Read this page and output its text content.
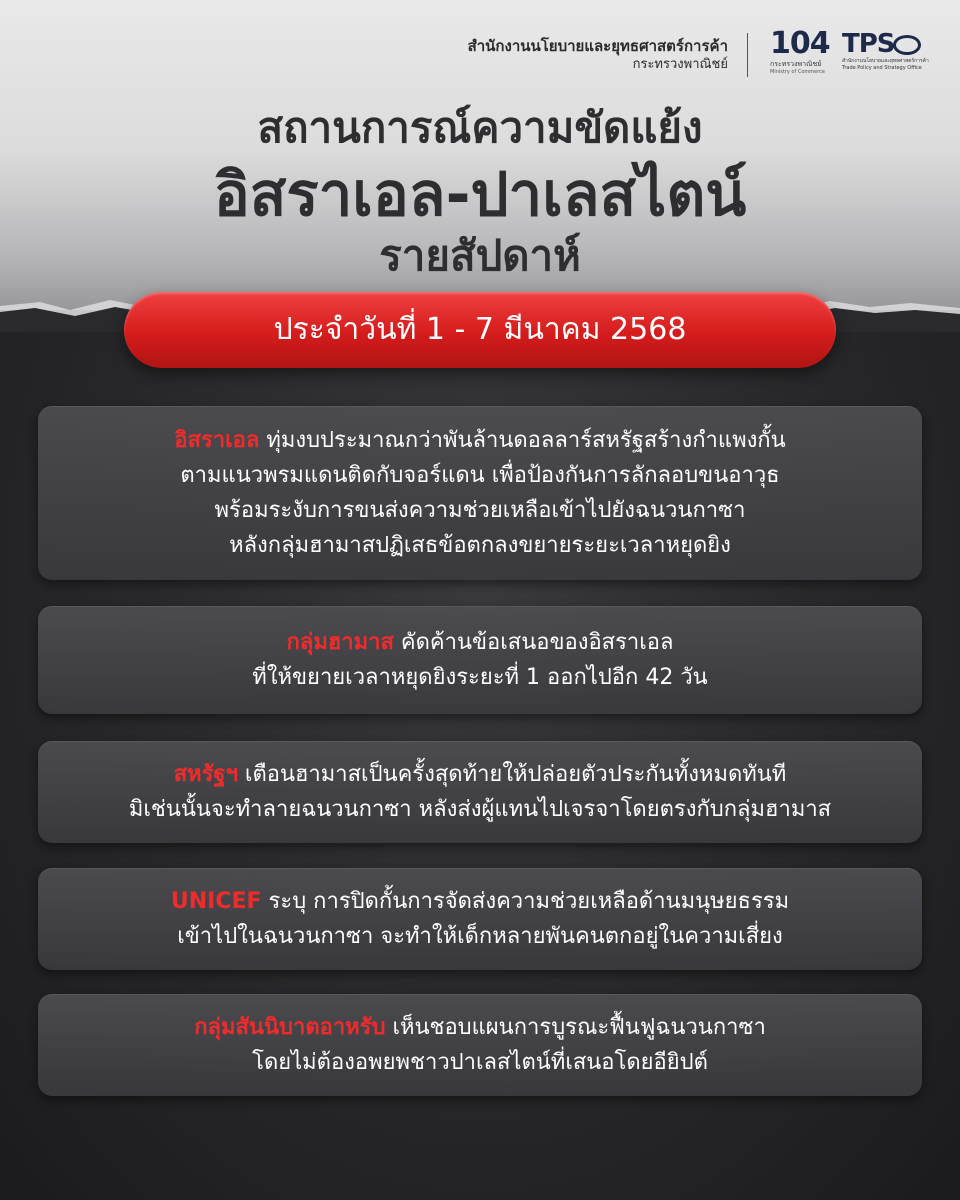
สำนักงานนโยบายและยุทธศาสตร์การค้า
กระทรวงพาณิชย์
104
กระทรวงพาณิชย์
Ministry of Commerce
TPS
สำนักงานนโยบายและยุทธศาสตร์การค้า
Trade Policy and Strategy Office
สถานการณ์ความขัดแย้ง
อิสราเอล-ปาเลสไตน์
รายสัปดาห์
ประจำวันที่ 1 - 7 มีนาคม 2568
อิสราเอล ทุ่มงบประมาณกว่าพันล้านดอลลาร์สหรัฐสร้างกำแพงกั้น
ตามแนวพรมแดนติดกับจอร์แดน เพื่อป้องกันการลักลอบขนอาวุธ
พร้อมระงับการขนส่งความช่วยเหลือเข้าไปยังฉนวนกาซา
หลังกลุ่มฮามาสปฏิเสธข้อตกลงขยายระยะเวลาหยุดยิง
กลุ่มฮามาส คัดค้านข้อเสนอของอิสราเอล
ที่ให้ขยายเวลาหยุดยิงระยะที่ 1 ออกไปอีก 42 วัน
สหรัฐฯ เตือนฮามาสเป็นครั้งสุดท้ายให้ปล่อยตัวประกันทั้งหมดทันที
มิเช่นนั้นจะทำลายฉนวนกาซา หลังส่งผู้แทนไปเจรจาโดยตรงกับกลุ่มฮามาส
UNICEF ระบุ การปิดกั้นการจัดส่งความช่วยเหลือด้านมนุษยธรรม
เข้าไปในฉนวนกาซา จะทำให้เด็กหลายพันคนตกอยู่ในความเสี่ยง
กลุ่มสันนิบาตอาหรับ เห็นชอบแผนการบูรณะฟื้นฟูฉนวนกาซา
โดยไม่ต้องอพยพชาวปาเลสไตน์ที่เสนอโดยอียิปต์
